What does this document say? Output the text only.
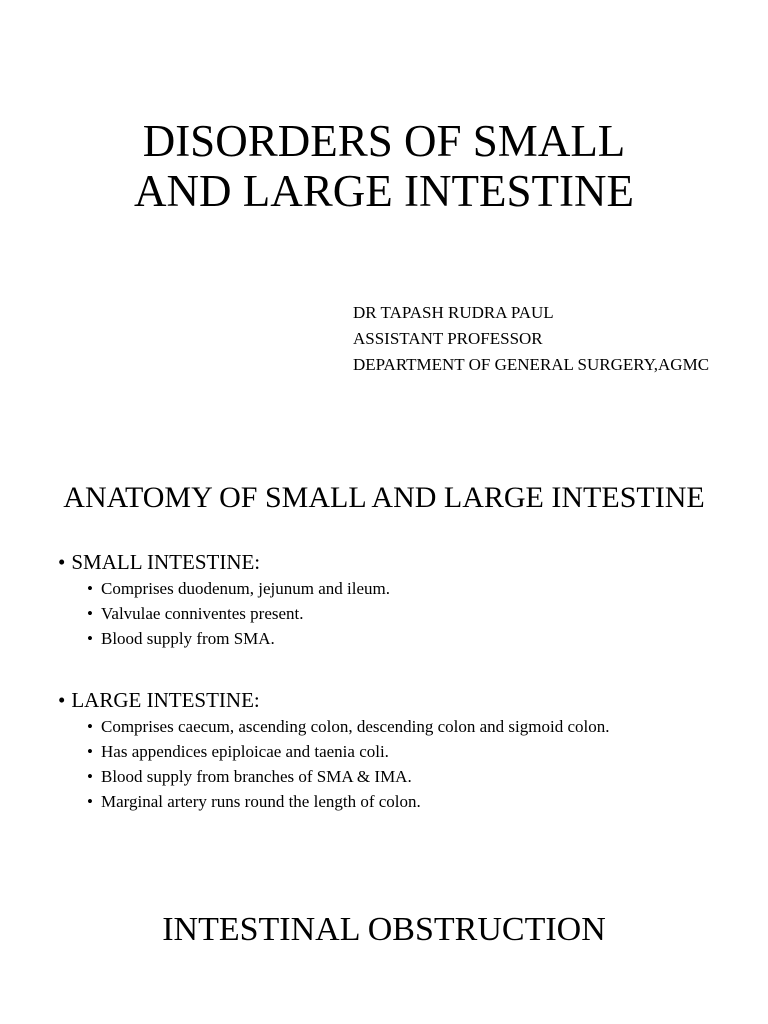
DISORDERS OF SMALL
AND LARGE INTESTINE
DR TAPASH RUDRA PAUL
ASSISTANT PROFESSOR
DEPARTMENT OF GENERAL SURGERY,AGMC
ANATOMY OF SMALL AND LARGE INTESTINE
• SMALL INTESTINE:
• Comprises duodenum, jejunum and ileum.
• Valvulae conniventes present.
• Blood supply from SMA.
• LARGE INTESTINE:
• Comprises caecum, ascending colon, descending colon and sigmoid colon.
• Has appendices epiploicae and taenia coli.
• Blood supply from branches of SMA & IMA.
• Marginal artery runs round the length of colon.
INTESTINAL OBSTRUCTION
